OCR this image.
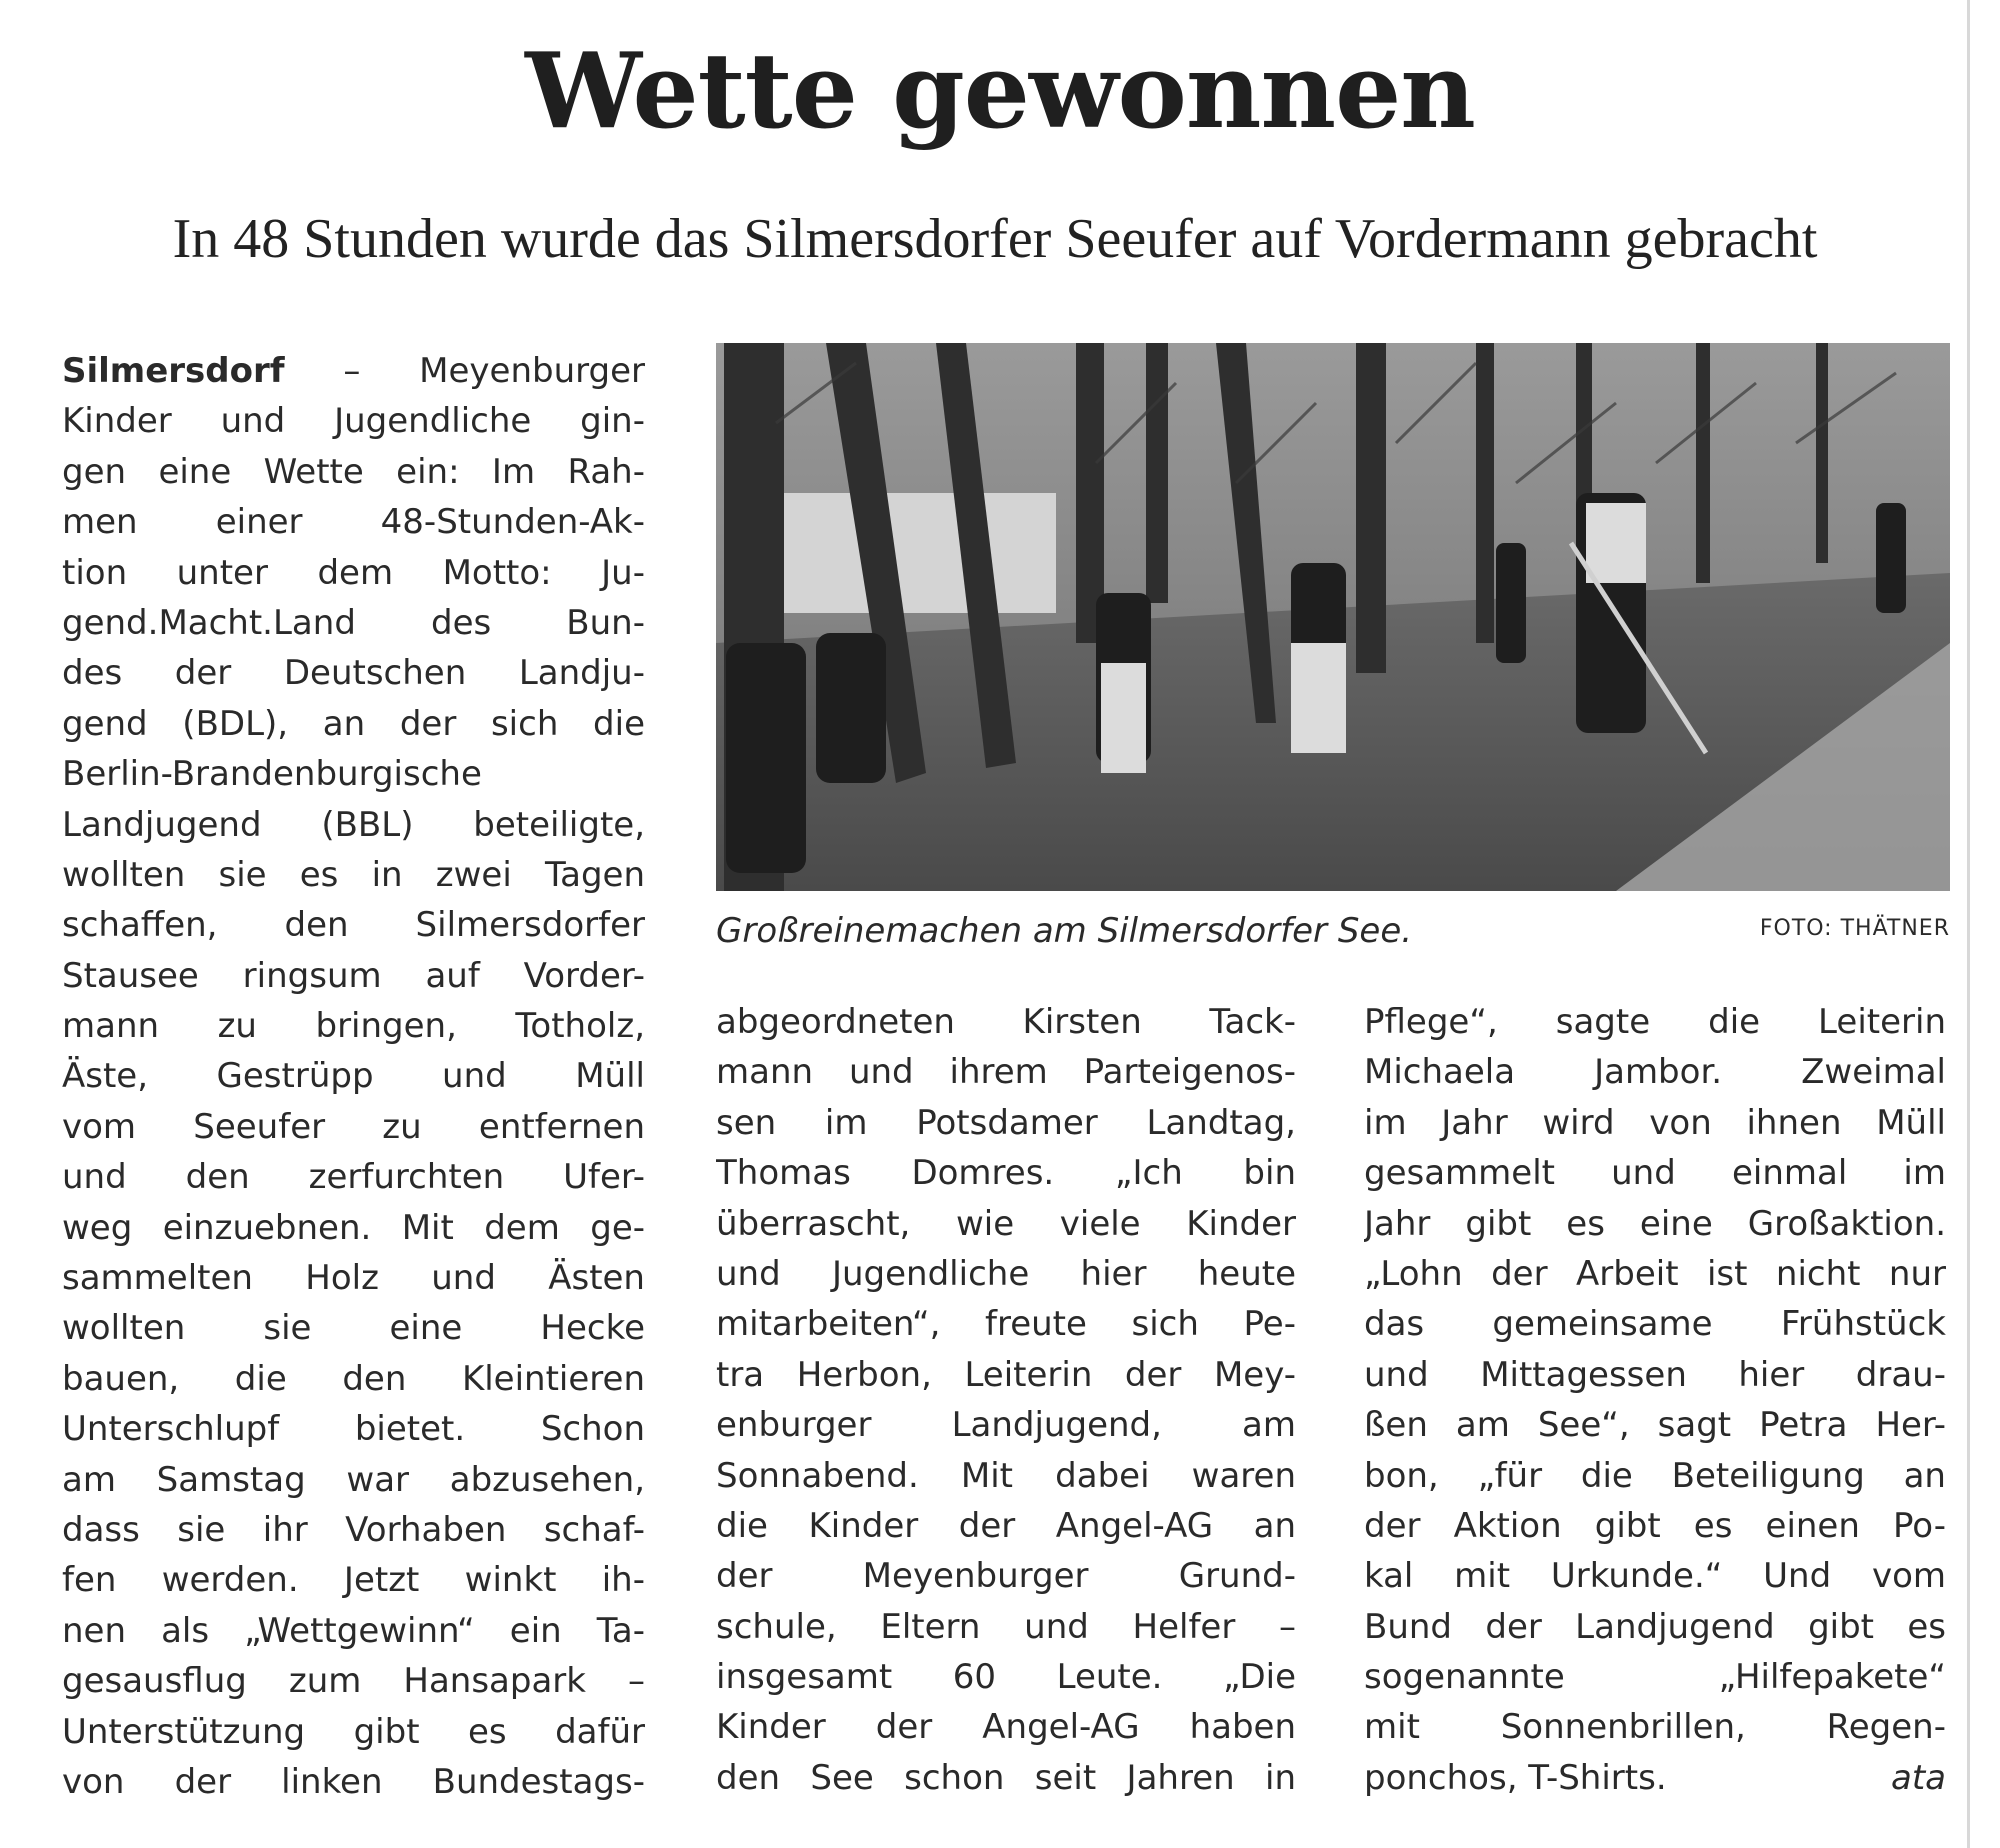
Wette gewonnen
In 48 Stunden wurde das Silmersdorfer Seeufer auf Vordermann gebracht
Silmersdorf – Meyenburger
Kinder und Jugendliche gin-
gen eine Wette ein: Im Rah-
men einer 48-Stunden-Ak-
tion unter dem Motto: Ju-
gend.Macht.Land des Bun-
des der Deutschen Landju-
gend (BDL), an der sich die
Berlin-Brandenburgische
Landjugend (BBL) beteiligte,
wollten sie es in zwei Tagen
schaffen, den Silmersdorfer
Stausee ringsum auf Vorder-
mann zu bringen, Totholz,
Äste, Gestrüpp und Müll
vom Seeufer zu entfernen
und den zerfurchten Ufer-
weg einzuebnen. Mit dem ge-
sammelten Holz und Ästen
wollten sie eine Hecke
bauen, die den Kleintieren
Unterschlupf bietet. Schon
am Samstag war abzusehen,
dass sie ihr Vorhaben schaf-
fen werden. Jetzt winkt ih-
nen als „Wettgewinn“ ein Ta-
gesausflug zum Hansapark –
Unterstützung gibt es dafür
von der linken Bundestags-
Großreinemachen am Silmersdorfer See.	FOTO: THÄTNER
abgeordneten Kirsten Tack-
mann und ihrem Parteigenos-
sen im Potsdamer Landtag,
Thomas Domres. „Ich bin
überrascht, wie viele Kinder
und Jugendliche hier heute
mitarbeiten“, freute sich Pe-
tra Herbon, Leiterin der Mey-
enburger Landjugend, am
Sonnabend. Mit dabei waren
die Kinder der Angel-AG an
der Meyenburger Grund-
schule, Eltern und Helfer –
insgesamt 60 Leute. „Die
Kinder der Angel-AG haben
den See schon seit Jahren in
Pflege“, sagte die Leiterin
Michaela Jambor. Zweimal
im Jahr wird von ihnen Müll
gesammelt und einmal im
Jahr gibt es eine Großaktion.
„Lohn der Arbeit ist nicht nur
das gemeinsame Frühstück
und Mittagessen hier drau-
ßen am See“, sagt Petra Her-
bon, „für die Beteiligung an
der Aktion gibt es einen Po-
kal mit Urkunde.“ Und vom
Bund der Landjugend gibt es
sogenannte „Hilfepakete“
mit Sonnenbrillen, Regen-
ponchos, T-Shirts.	ata
